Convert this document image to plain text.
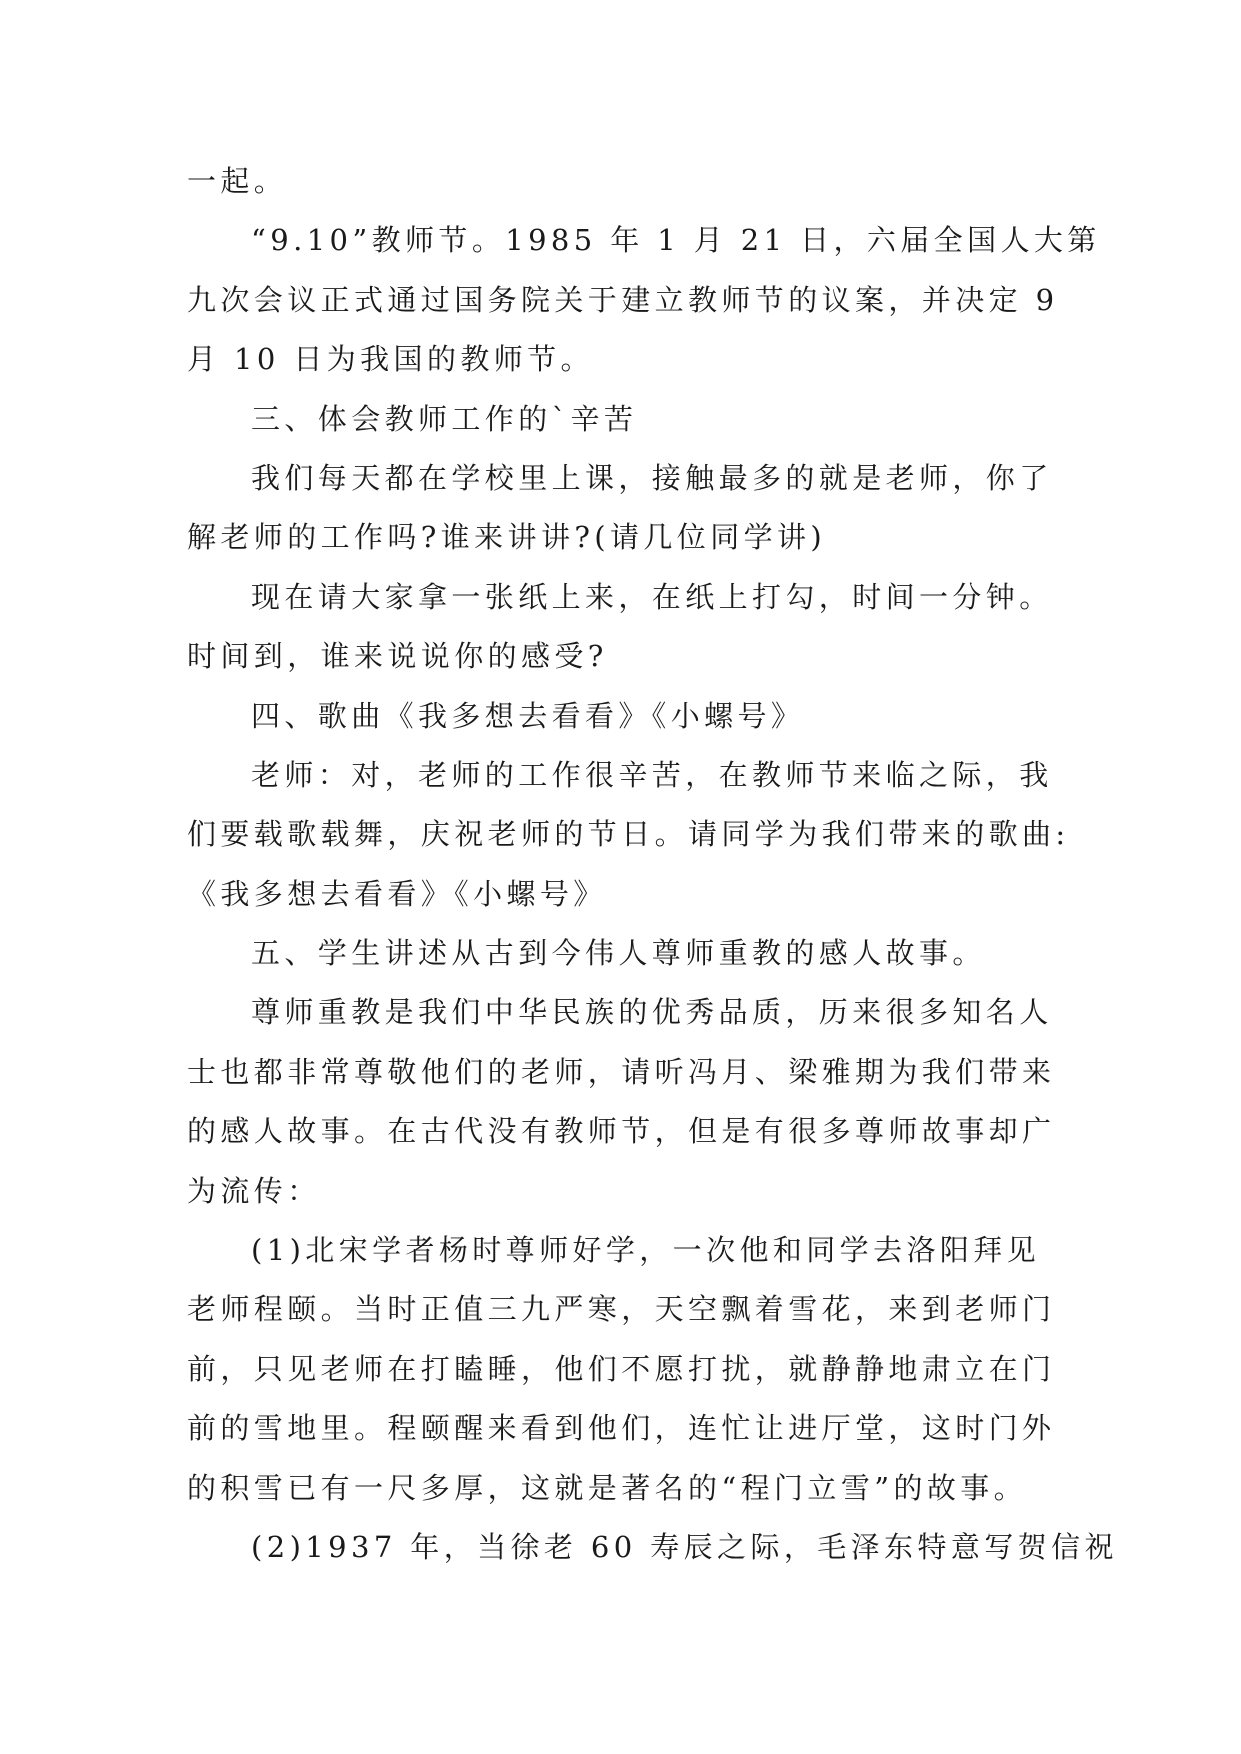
一起。
“9.10”教师节。1985 年 1 月 21 日，六届全国人大第
九次会议正式通过国务院关于建立教师节的议案，并决定 9
月 10 日为我国的教师节。
三、体会教师工作的`辛苦
我们每天都在学校里上课，接触最多的就是老师，你了
解老师的工作吗?谁来讲讲?(请几位同学讲)
现在请大家拿一张纸上来，在纸上打勾，时间一分钟。
时间到，谁来说说你的感受?
四、歌曲《我多想去看看》《小螺号》
老师：对，老师的工作很辛苦，在教师节来临之际，我
们要载歌载舞，庆祝老师的节日。请同学为我们带来的歌曲:
《我多想去看看》《小螺号》
五、学生讲述从古到今伟人尊师重教的感人故事。
尊师重教是我们中华民族的优秀品质，历来很多知名人
士也都非常尊敬他们的老师，请听冯月、梁雅期为我们带来
的感人故事。在古代没有教师节，但是有很多尊师故事却广
为流传：
(1)北宋学者杨时尊师好学，一次他和同学去洛阳拜见
老师程颐。当时正值三九严寒，天空飘着雪花，来到老师门
前，只见老师在打瞌睡，他们不愿打扰，就静静地肃立在门
前的雪地里。程颐醒来看到他们，连忙让进厅堂，这时门外
的积雪已有一尺多厚，这就是著名的“程门立雪”的故事。
(2)1937 年，当徐老 60 寿辰之际，毛泽东特意写贺信祝
